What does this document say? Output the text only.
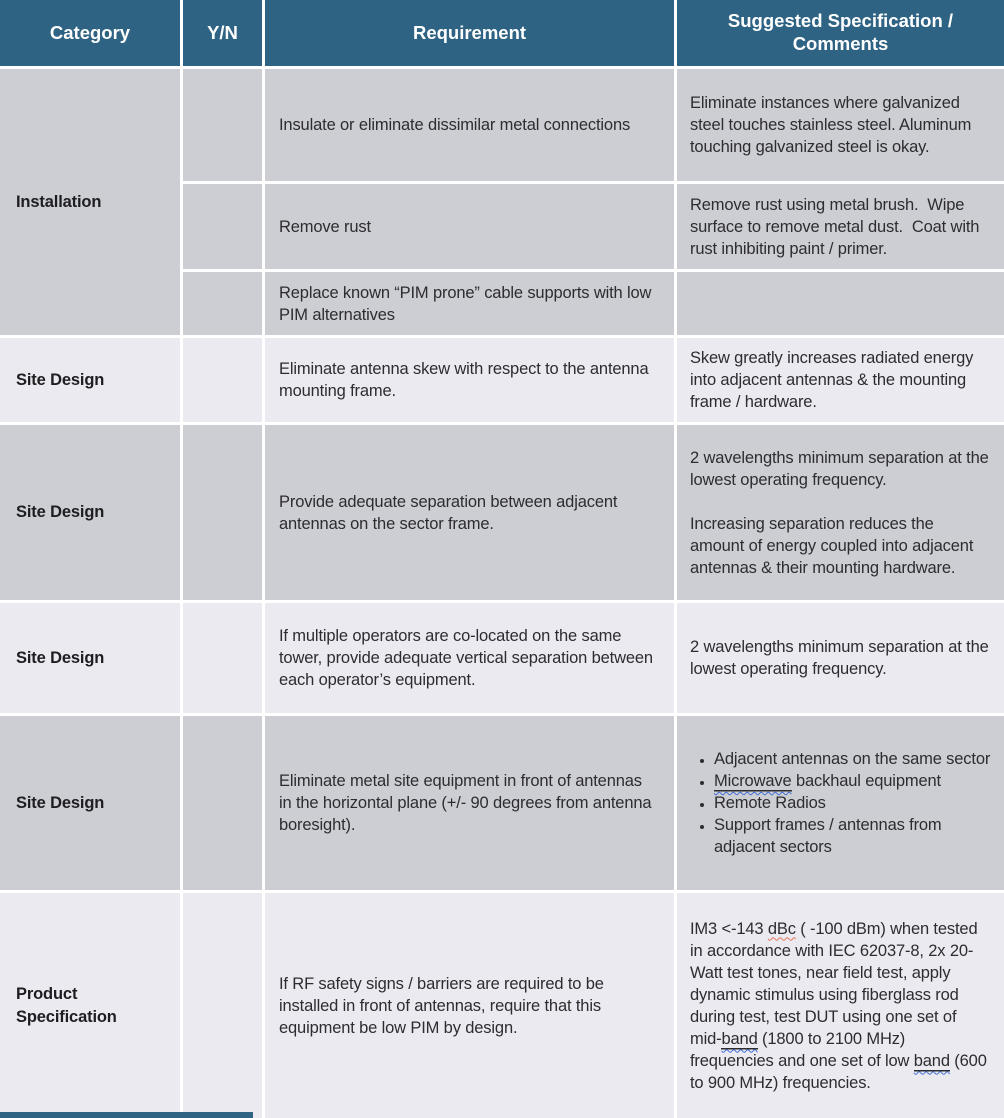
Category	Y/N	Requirement
Suggested Specification / Comments
Installation
Insulate or eliminate dissimilar metal connections

Eliminate instances where galvanized steel touches stainless steel. Aluminum touching galvanized steel is okay.

Remove rust

Remove rust using metal brush.  Wipe surface to remove metal dust.  Coat with rust inhibiting paint / primer.

Replace known “PIM prone” cable supports with low PIM alternatives
Site Design
Eliminate antenna skew with respect to the antenna mounting frame.

Skew greatly increases radiated energy into adjacent antennas & the mounting frame / hardware.

Site Design
Provide adequate separation between adjacent antennas on the sector frame.

2 wavelengths minimum separation at the lowest operating frequency.

Increasing separation reduces the amount of energy coupled into adjacent antennas & their mounting hardware.

Site Design
If multiple operators are co-located on the same tower, provide adequate vertical separation between each operator’s equipment.

2 wavelengths minimum separation at the lowest operating frequency.

Site Design
Eliminate metal site equipment in front of antennas in the horizontal plane (+/- 90 degrees from antenna boresight).
• Adjacent antennas on the same sector
• Microwave backhaul equipment
• Remote Radios
• Support frames / antennas from adjacent sectors
Product Specification
If RF safety signs / barriers are required to be installed in front of antennas, require that this equipment be low PIM by design.

IM3 <-143 dBc ( -100 dBm) when tested in accordance with IEC 62037-8, 2x 20-Watt test tones, near field test, apply dynamic stimulus using fiberglass rod during test, test DUT using one set of mid-band (1800 to 2100 MHz) frequencies and one set of low band (600 to 900 MHz) frequencies.
